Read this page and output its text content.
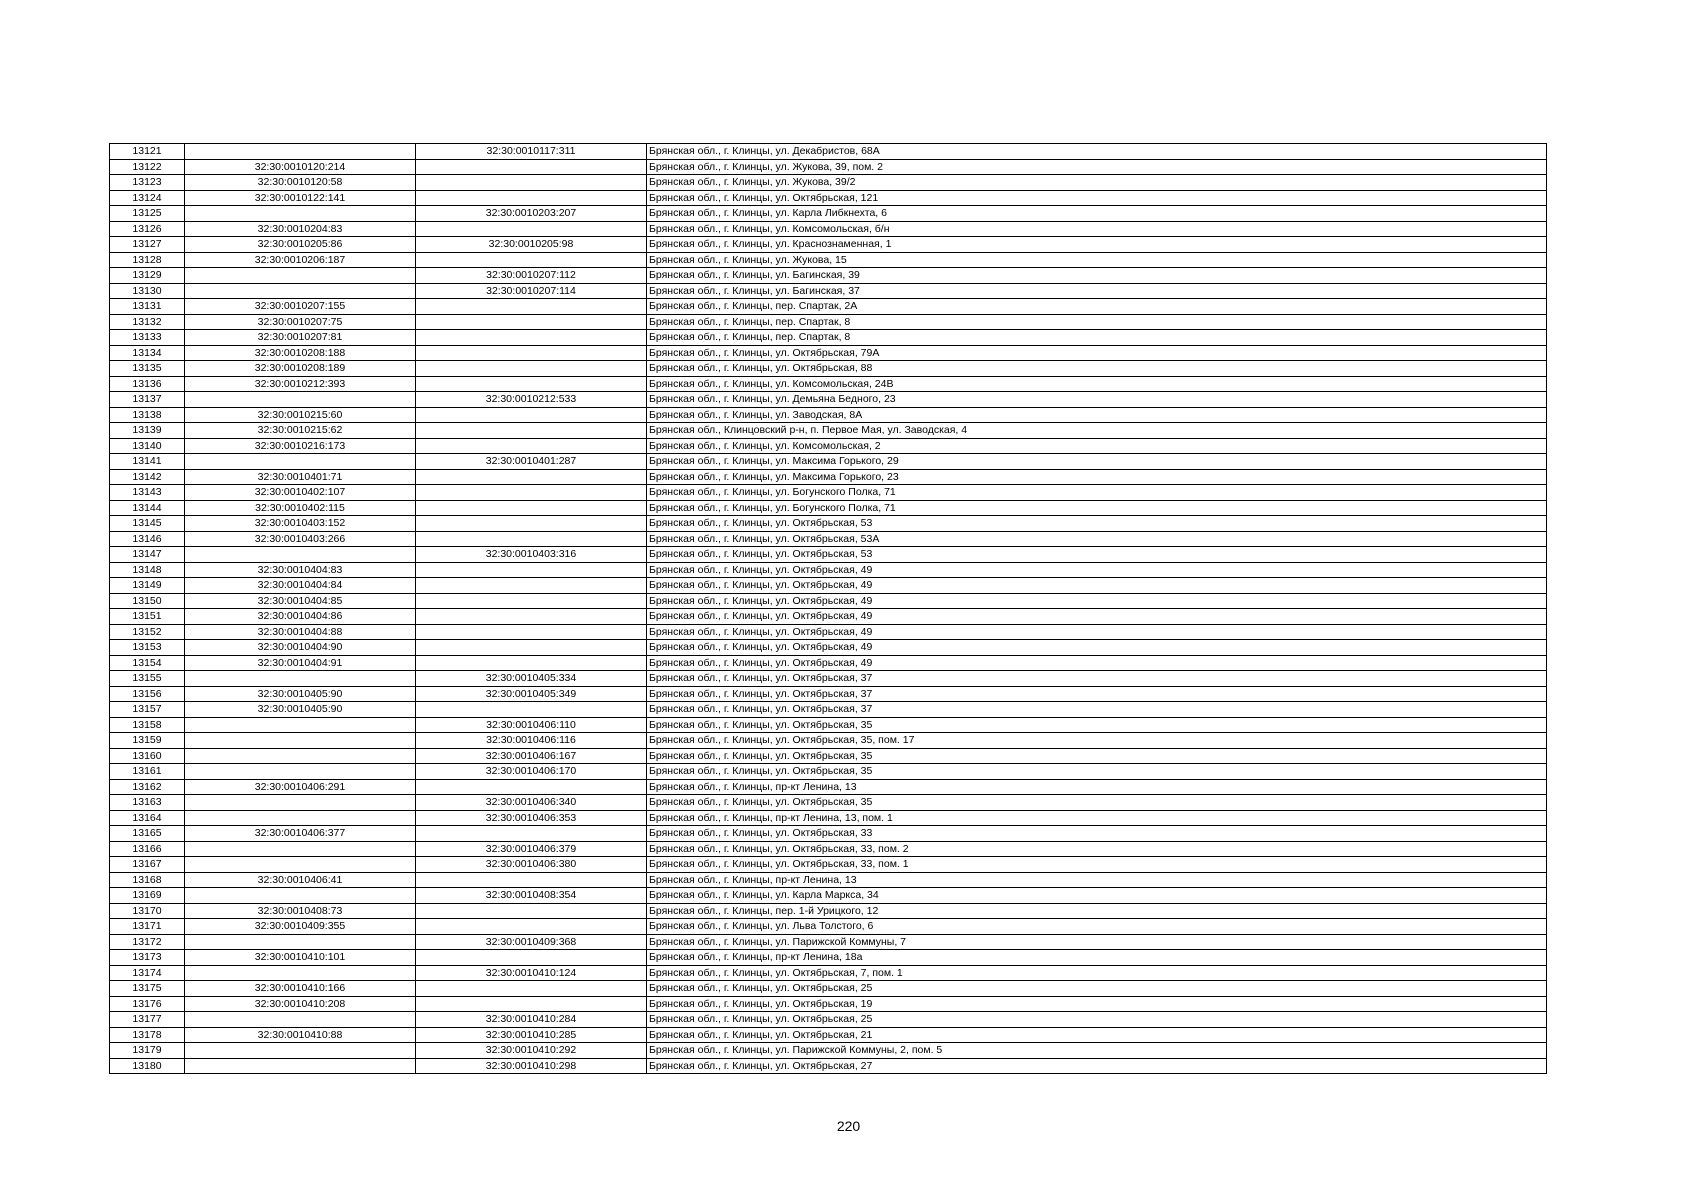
13121		32:30:0010117:311	Брянская обл., г. Клинцы, ул. Декабристов, 68А
13122	32:30:0010120:214		Брянская обл., г. Клинцы, ул. Жукова, 39, пом. 2
13123	32:30:0010120:58		Брянская обл., г. Клинцы, ул. Жукова, 39/2
13124	32:30:0010122:141		Брянская обл., г. Клинцы, ул. Октябрьская, 121
13125		32:30:0010203:207	Брянская обл., г. Клинцы, ул. Карла Либкнехта, 6
13126	32:30:0010204:83		Брянская обл., г. Клинцы, ул. Комсомольская, б/н
13127	32:30:0010205:86	32:30:0010205:98	Брянская обл., г. Клинцы, ул. Краснознаменная, 1
13128	32:30:0010206:187		Брянская обл., г. Клинцы, ул. Жукова, 15
13129		32:30:0010207:112	Брянская обл., г. Клинцы, ул. Багинская, 39
13130		32:30:0010207:114	Брянская обл., г. Клинцы, ул. Багинская, 37
13131	32:30:0010207:155		Брянская обл., г. Клинцы, пер. Спартак, 2А
13132	32:30:0010207:75		Брянская обл., г. Клинцы, пер. Спартак, 8
13133	32:30:0010207:81		Брянская обл., г. Клинцы, пер. Спартак, 8
13134	32:30:0010208:188		Брянская обл., г. Клинцы, ул. Октябрьская, 79А
13135	32:30:0010208:189		Брянская обл., г. Клинцы, ул. Октябрьская, 88
13136	32:30:0010212:393		Брянская обл., г. Клинцы, ул. Комсомольская, 24В
13137		32:30:0010212:533	Брянская обл., г. Клинцы, ул. Демьяна Бедного, 23
13138	32:30:0010215:60		Брянская обл., г. Клинцы, ул. Заводская, 8А
13139	32:30:0010215:62		Брянская обл., Клинцовский р-н, п. Первое Мая, ул. Заводская, 4
13140	32:30:0010216:173		Брянская обл., г. Клинцы, ул. Комсомольская, 2
13141		32:30:0010401:287	Брянская обл., г. Клинцы, ул. Максима Горького, 29
13142	32:30:0010401:71		Брянская обл., г. Клинцы, ул. Максима Горького, 23
13143	32:30:0010402:107		Брянская обл., г. Клинцы, ул. Богунского Полка, 71
13144	32:30:0010402:115		Брянская обл., г. Клинцы, ул. Богунского Полка, 71
13145	32:30:0010403:152		Брянская обл., г. Клинцы, ул. Октябрьская, 53
13146	32:30:0010403:266		Брянская обл., г. Клинцы, ул. Октябрьская, 53А
13147		32:30:0010403:316	Брянская обл., г. Клинцы, ул. Октябрьская, 53
13148	32:30:0010404:83		Брянская обл., г. Клинцы, ул. Октябрьская, 49
13149	32:30:0010404:84		Брянская обл., г. Клинцы, ул. Октябрьская, 49
13150	32:30:0010404:85		Брянская обл., г. Клинцы, ул. Октябрьская, 49
13151	32:30:0010404:86		Брянская обл., г. Клинцы, ул. Октябрьская, 49
13152	32:30:0010404:88		Брянская обл., г. Клинцы, ул. Октябрьская, 49
13153	32:30:0010404:90		Брянская обл., г. Клинцы, ул. Октябрьская, 49
13154	32:30:0010404:91		Брянская обл., г. Клинцы, ул. Октябрьская, 49
13155		32:30:0010405:334	Брянская обл., г. Клинцы, ул. Октябрьская, 37
13156	32:30:0010405:90	32:30:0010405:349	Брянская обл., г. Клинцы, ул. Октябрьская, 37
13157	32:30:0010405:90		Брянская обл., г. Клинцы, ул. Октябрьская, 37
13158		32:30:0010406:110	Брянская обл., г. Клинцы, ул. Октябрьская, 35
13159		32:30:0010406:116	Брянская обл., г. Клинцы, ул. Октябрьская, 35, пом. 17
13160		32:30:0010406:167	Брянская обл., г. Клинцы, ул. Октябрьская, 35
13161		32:30:0010406:170	Брянская обл., г. Клинцы, ул. Октябрьская, 35
13162	32:30:0010406:291		Брянская обл., г. Клинцы, пр-кт Ленина, 13
13163		32:30:0010406:340	Брянская обл., г. Клинцы, ул. Октябрьская, 35
13164		32:30:0010406:353	Брянская обл., г. Клинцы, пр-кт Ленина, 13, пом. 1
13165	32:30:0010406:377		Брянская обл., г. Клинцы, ул. Октябрьская, 33
13166		32:30:0010406:379	Брянская обл., г. Клинцы, ул. Октябрьская, 33, пом. 2
13167		32:30:0010406:380	Брянская обл., г. Клинцы, ул. Октябрьская, 33, пом. 1
13168	32:30:0010406:41		Брянская обл., г. Клинцы, пр-кт Ленина, 13
13169		32:30:0010408:354	Брянская обл., г. Клинцы, ул. Карла Маркса, 34
13170	32:30:0010408:73		Брянская обл., г. Клинцы, пер. 1-й Урицкого, 12
13171	32:30:0010409:355		Брянская обл., г. Клинцы, ул. Льва Толстого, 6
13172		32:30:0010409:368	Брянская обл., г. Клинцы, ул. Парижской Коммуны, 7
13173	32:30:0010410:101		Брянская обл., г. Клинцы, пр-кт Ленина, 18а
13174		32:30:0010410:124	Брянская обл., г. Клинцы, ул. Октябрьская, 7, пом. 1
13175	32:30:0010410:166		Брянская обл., г. Клинцы, ул. Октябрьская, 25
13176	32:30:0010410:208		Брянская обл., г. Клинцы, ул. Октябрьская, 19
13177		32:30:0010410:284	Брянская обл., г. Клинцы, ул. Октябрьская, 25
13178	32:30:0010410:88	32:30:0010410:285	Брянская обл., г. Клинцы, ул. Октябрьская, 21
13179		32:30:0010410:292	Брянская обл., г. Клинцы, ул. Парижской Коммуны, 2, пом. 5
13180		32:30:0010410:298	Брянская обл., г. Клинцы, ул. Октябрьская, 27
220
